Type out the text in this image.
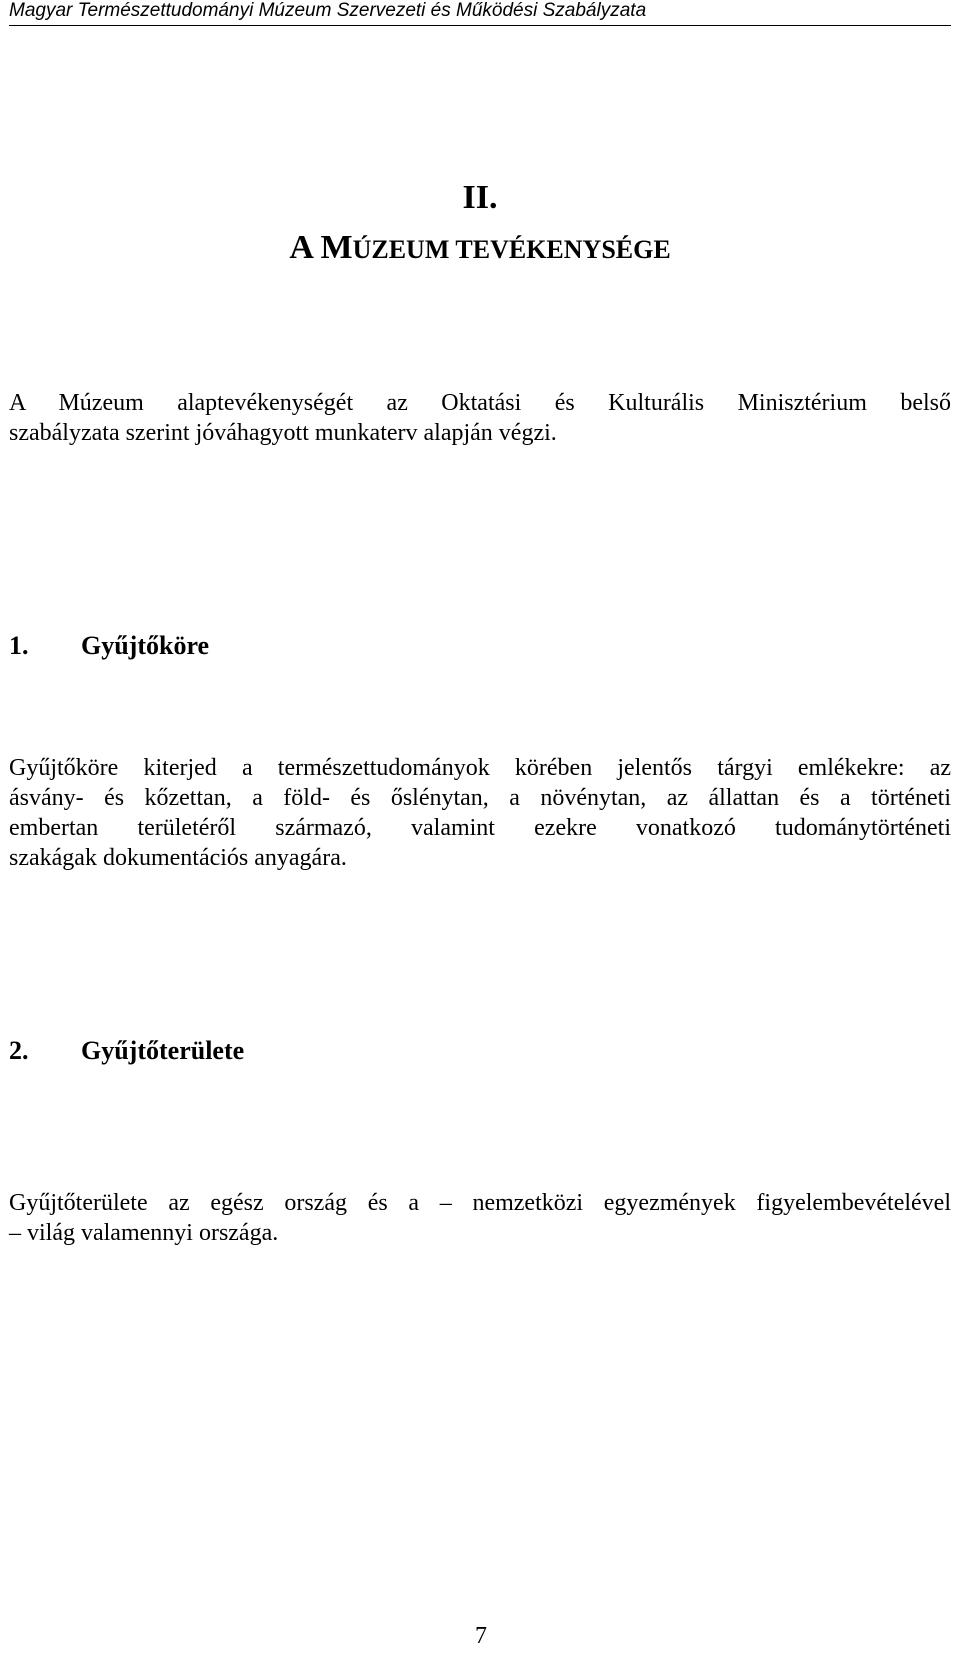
Magyar Természettudományi Múzeum Szervezeti és Működési Szabályzata
II.
A MÚZEUM TEVÉKENYSÉGE
A Múzeum alaptevékenységét az Oktatási és Kulturális Minisztérium belső
szabályzata szerint jóváhagyott munkaterv alapján végzi.
1. Gyűjtőköre
Gyűjtőköre kiterjed a természettudományok körében jelentős tárgyi emlékekre: az
ásvány- és kőzettan, a föld- és őslénytan, a növénytan, az állattan és a történeti
embertan területéről származó, valamint ezekre vonatkozó tudománytörténeti
szakágak dokumentációs anyagára.
2. Gyűjtőterülete
Gyűjtőterülete az egész ország és a – nemzetközi egyezmények figyelembevételével
– világ valamennyi országa.
7
